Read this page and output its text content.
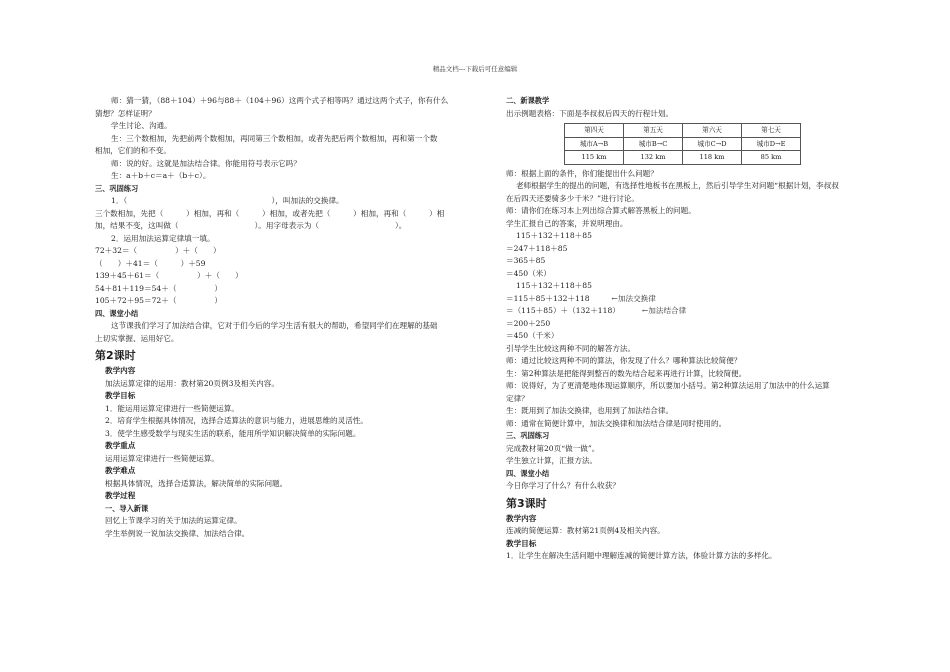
精品文档---下载后可任意编辑
师：猜一猜，（88＋104）＋96与88＋（104＋96）这两个式子相等吗？通过这两个式子，你有什么
猜想？怎样证明？
学生讨论、沟通。
生：三个数相加，先把前两个数相加，再同第三个数相加，或者先把后两个数相加，再和第一个数
相加，它们的和不变。
师：说的好。这就是加法结合律。你能用符号表示它吗？
生：a＋b＋c＝a＋（b＋c）。
三、巩固练习
1．（　　　　　　　　　　　　　　　　　　　），叫加法的交换律。
三个数相加，先把（　　　）相加，再和（　　　）相加，或者先把（　　　）相加，再和（　　　）相
加，结果不变，这叫做（　　　　　　　　　　）。用字母表示为（　　　　　　　　　　）。
2．运用加法运算定律填一填。
72＋32＝（　　　　　）＋（　　）
（　　）＋41＝（　　　）＋59
139＋45＋61＝（　　　　　）＋（　　）
54＋81＋119＝54＋（　　　　　）
105＋72＋95＝72＋（　　　　　）
四、课堂小结
这节课我们学习了加法结合律，它对于们今后的学习生活有很大的帮助，希望同学们在理解的基础
上切实掌握、运用好它。
第2课时
教学内容
加法运算定律的运用：教材第20页例3及相关内容。
教学目标
1．能运用运算定律进行一些简便运算。
2．培育学生根据具体情况，选择合适算法的意识与能力，进展思维的灵活性。
3．使学生感受数学与现实生活的联系，能用所学知识解决简单的实际问题。
教学重点
运用运算定律进行一些简便运算。
教学难点
根据具体情况，选择合适算法，解决简单的实际问题。
教学过程
一、导入新课
回忆上节课学习的关于加法的运算定律。
学生举例说一说加法交换律、加法结合律。
二、新课教学
出示例题表格：下面是李叔叔后四天的行程计划。
第四天	第五天	第六天	第七天
城市A→B	城市B→C	城市C→D	城市D→E
115 km	132 km	118 km	85 km
师：根据上面的条件，你们能提出什么问题？
老师根据学生的提出的问题，有选择性地板书在黑板上，然后引导学生对问题“根据计划，李叔叔
在后四天还要骑多少千米？”进行讨论。
师：请你们在练习本上列出综合算式解答黑板上的问题。
学生汇报自己的答案，并说明理由。
115＋132＋118＋85
＝247＋118＋85
＝365＋85
＝450（米）
115＋132＋118＋85
＝115＋85＋132＋118	←加法交换律
＝（115＋85）＋（132＋118）	←加法结合律
＝200＋250
＝450（千米）
引导学生比较这两种不同的解答方法。
师：通过比较这两种不同的算法，你发现了什么？哪种算法比较简便？
生：第2种算法是把能得到整百的数先结合起来再进行计算，比较简便。
师：说得好，为了更清楚地体现运算顺序，所以要加小括号。第2种算法运用了加法中的什么运算
定律？
生：既用到了加法交换律，也用到了加法结合律。
师：通常在简便计算中，加法交换律和加法结合律是同时使用的。
三、巩固练习
完成教材第20页“做一做”。
学生独立计算，汇报方法。
四、课堂小结
今日你学习了什么？有什么收获？
第3课时
教学内容
连减的简便运算：教材第21页例4及相关内容。
教学目标
1．让学生在解决生活问题中理解连减的简便计算方法，体验计算方法的多样化。
